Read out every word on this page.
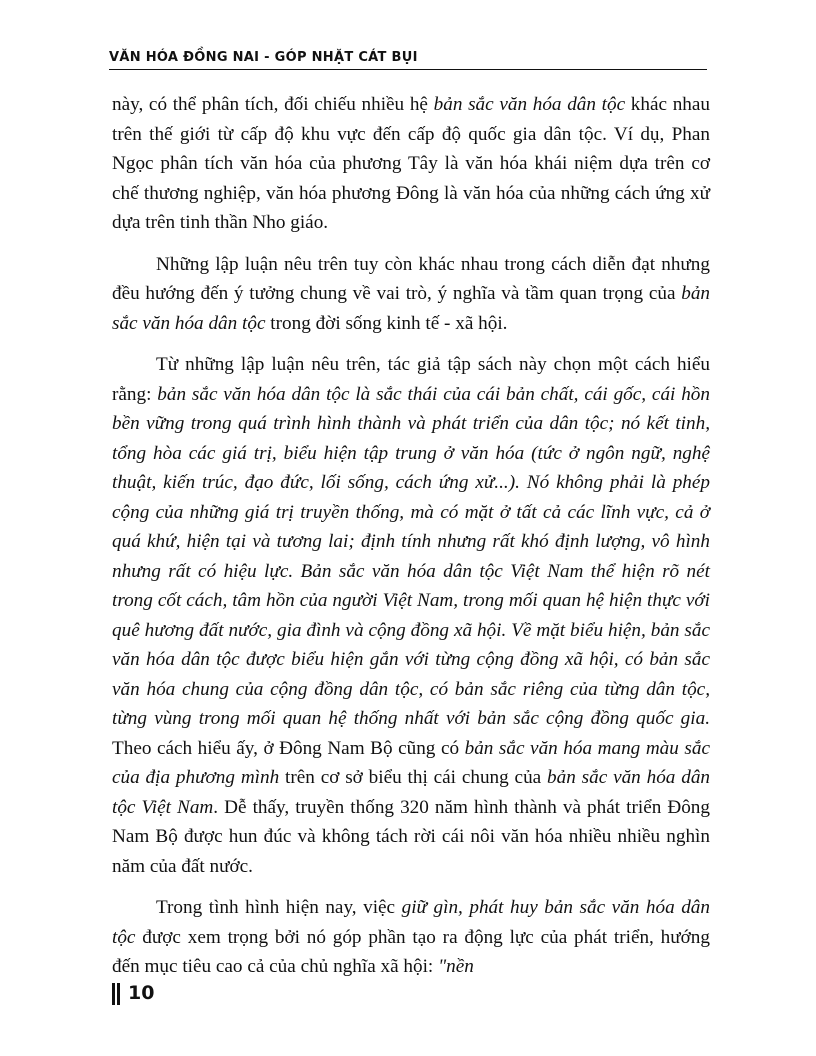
VĂN HÓA ĐỒNG NAI - GÓP NHẶT CÁT BỤI

này, có thể phân tích, đối chiếu nhiều hệ bản sắc văn hóa dân tộc khác nhau trên thế giới từ cấp độ khu vực đến cấp độ quốc gia dân tộc. Ví dụ, Phan Ngọc phân tích văn hóa của phương Tây là văn hóa khái niệm dựa trên cơ chế thương nghiệp, văn hóa phương Đông là văn hóa của những cách ứng xử dựa trên tinh thần Nho giáo.

Những lập luận nêu trên tuy còn khác nhau trong cách diễn đạt nhưng đều hướng đến ý tưởng chung về vai trò, ý nghĩa và tầm quan trọng của bản sắc văn hóa dân tộc trong đời sống kinh tế - xã hội.

Từ những lập luận nêu trên, tác giả tập sách này chọn một cách hiểu rằng: bản sắc văn hóa dân tộc là sắc thái của cái bản chất, cái gốc, cái hồn bền vững trong quá trình hình thành và phát triển của dân tộc; nó kết tinh, tổng hòa các giá trị, biểu hiện tập trung ở văn hóa (tức ở ngôn ngữ, nghệ thuật, kiến trúc, đạo đức, lối sống, cách ứng xử...). Nó không phải là phép cộng của những giá trị truyền thống, mà có mặt ở tất cả các lĩnh vực, cả ở quá khứ, hiện tại và tương lai; định tính nhưng rất khó định lượng, vô hình nhưng rất có hiệu lực. Bản sắc văn hóa dân tộc Việt Nam thể hiện rõ nét trong cốt cách, tâm hồn của người Việt Nam, trong mối quan hệ hiện thực với quê hương đất nước, gia đình và cộng đồng xã hội. Về mặt biểu hiện, bản sắc văn hóa dân tộc được biểu hiện gắn với từng cộng đồng xã hội, có bản sắc văn hóa chung của cộng đồng dân tộc, có bản sắc riêng của từng dân tộc, từng vùng trong mối quan hệ thống nhất với bản sắc cộng đồng quốc gia. Theo cách hiểu ấy, ở Đông Nam Bộ cũng có bản sắc văn hóa mang màu sắc của địa phương mình trên cơ sở biểu thị cái chung của bản sắc văn hóa dân tộc Việt Nam. Dễ thấy, truyền thống 320 năm hình thành và phát triển Đông Nam Bộ được hun đúc và không tách rời cái nôi văn hóa nhiều nhiều nghìn năm của đất nước.

Trong tình hình hiện nay, việc giữ gìn, phát huy bản sắc văn hóa dân tộc được xem trọng bởi nó góp phần tạo ra động lực của phát triển, hướng đến mục tiêu cao cả của chủ nghĩa xã hội: "nền

10
